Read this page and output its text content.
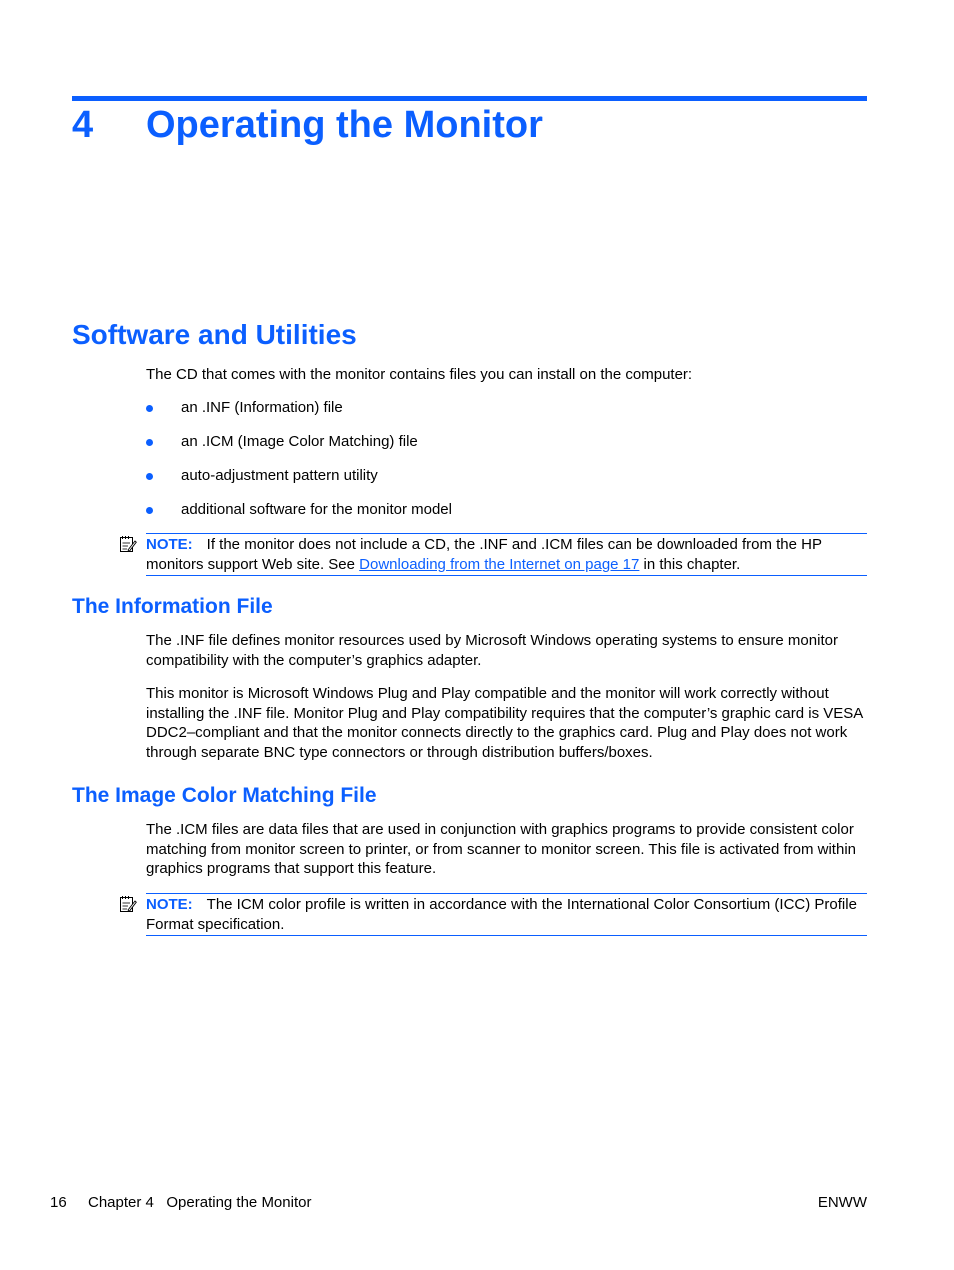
4 Operating the Monitor
Software and Utilities

The CD that comes with the monitor contains files you can install on the computer:

an .INF (Information) file
an .ICM (Image Color Matching) file
auto-adjustment pattern utility
additional software for the monitor model
NOTE: If the monitor does not include a CD, the .INF and .ICM files can be downloaded from the HP monitors support Web site. See Downloading from the Internet on page 17 in this chapter.
The Information File

The .INF file defines monitor resources used by Microsoft Windows operating systems to ensure monitor compatibility with the computer’s graphics adapter.

This monitor is Microsoft Windows Plug and Play compatible and the monitor will work correctly without installing the .INF file. Monitor Plug and Play compatibility requires that the computer’s graphic card is VESA DDC2–compliant and that the monitor connects directly to the graphics card. Plug and Play does not work through separate BNC type connectors or through distribution buffers/boxes.

The Image Color Matching File

The .ICM files are data files that are used in conjunction with graphics programs to provide consistent color matching from monitor screen to printer, or from scanner to monitor screen. This file is activated from within graphics programs that support this feature.

NOTE: The ICM color profile is written in accordance with the International Color Consortium (ICC) Profile Format specification.
16 Chapter 4   Operating the Monitor	ENWW
